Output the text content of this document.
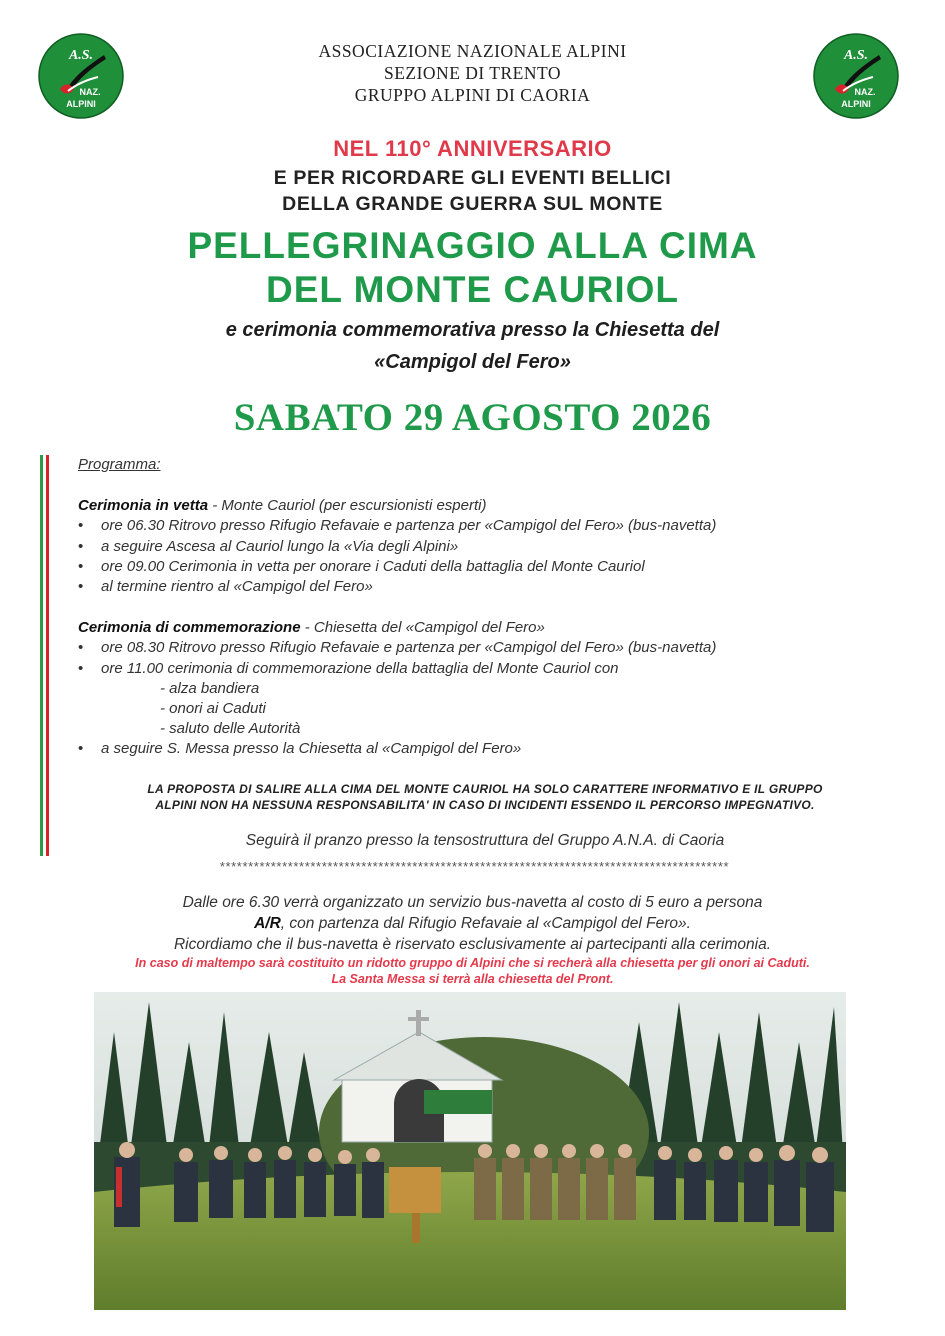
A.S.
NAZ.
ALPINI
A.S.
NAZ.
ALPINI
ASSOCIAZIONE NAZIONALE ALPINI
SEZIONE DI TRENTO
GRUPPO ALPINI DI CAORIA
NEL 110° ANNIVERSARIO
E PER RICORDARE GLI EVENTI BELLICI
DELLA GRANDE GUERRA SUL MONTE
PELLEGRINAGGIO ALLA CIMA
DEL MONTE CAURIOL
e cerimonia commemorativa presso la Chiesetta del
«Campigol del Fero»
SABATO 29 AGOSTO 2026
Programma:
Cerimonia in vetta - Monte Cauriol (per escursionisti esperti)
• ore 06.30 Ritrovo presso Rifugio Refavaie e partenza per «Campigol del Fero» (bus-navetta)
• a seguire Ascesa al Cauriol lungo la «Via degli Alpini»
• ore 09.00 Cerimonia in vetta per onorare i Caduti della battaglia del Monte Cauriol
• al termine rientro al «Campigol del Fero»
Cerimonia di commemorazione - Chiesetta del «Campigol del Fero»
• ore 08.30 Ritrovo presso Rifugio Refavaie e partenza per «Campigol del Fero» (bus-navetta)
• ore 11.00 cerimonia di commemorazione della battaglia del Monte Cauriol con
- alza bandiera
- onori ai Caduti
- saluto delle Autorità
• a seguire S. Messa presso la Chiesetta al «Campigol del Fero»
LA PROPOSTA DI SALIRE ALLA CIMA DEL MONTE CAURIOL HA SOLO CARATTERE INFORMATIVO E IL GRUPPO
ALPINI NON HA NESSUNA RESPONSABILITA' IN CASO DI INCIDENTI ESSENDO IL PERCORSO IMPEGNATIVO.
Seguirà il pranzo presso la tensostruttura del Gruppo A.N.A. di Caoria
******************************************************************************************
Dalle ore 6.30 verrà organizzato un servizio bus-navetta al costo di 5 euro a persona
A/R, con partenza dal Rifugio Refavaie al «Campigol del Fero».
Ricordiamo che il bus-navetta è riservato esclusivamente ai partecipanti alla cerimonia.
In caso di maltempo sarà costituito un ridotto gruppo di Alpini che si recherà alla chiesetta per gli onori ai Caduti.
La Santa Messa si terrà alla chiesetta del Pront.
